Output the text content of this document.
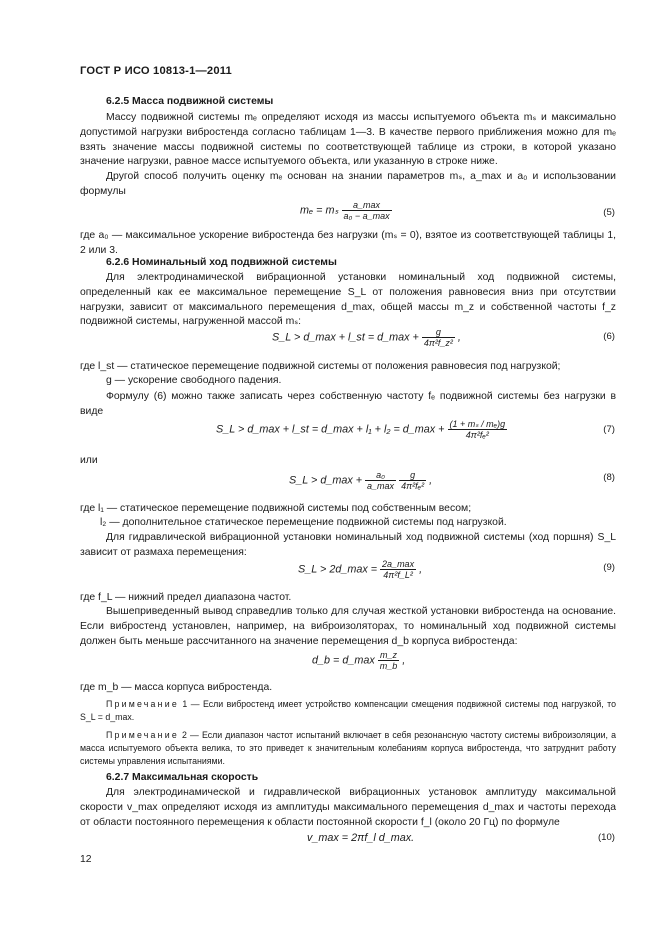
ГОСТ Р ИСО 10813-1—2011
6.2.5 Масса подвижной системы
Массу подвижной системы mₑ определяют исходя из массы испытуемого объекта mₛ и максимально допустимой нагрузки вибростенда согласно таблицам 1—3. В качестве первого приближения можно для mₑ взять значение массы подвижной системы по соответствующей таблице из строки, в которой указано значение нагрузки, равное массе испытуемого объекта, или указанную в строке ниже.
Другой способ получить оценку mₑ основан на знании параметров mₛ, a_max и a₀ и использовании формулы
mₑ = mₛ $\frac{a\_\max}{\text{a₀ − a\_max}}$	(5)
где a₀ — максимальное ускорение вибростенда без нагрузки (mₛ = 0), взятое из соответствующей таблицы 1, 2 или 3.
6.2.6 Номинальный ход подвижной системы
Для электродинамической вибрационной установки номинальный ход подвижной системы, определенный как ее максимальное перемещение S_L от положения равновесия вниз при отсутствии нагрузки, зависит от максимального перемещения d_max, общей массы m_z и собственной частоты f_z подвижной системы, нагруженной массой mₛ:
S_L > d_max + l_st = d_max + $\frac{g}{\text{4π²f\_z²}}$ ,	(6)
где l_st — статическое перемещение подвижной системы от положения равновесия под нагрузкой;
g — ускорение свободного падения.
Формулу (6) можно также записать через собственную частоту fₑ подвижной системы без нагрузки в виде
S_L > d_max + l_st = d_max + l₁ + l₂ = d_max + $\frac{\text{(1 + mₛ / mₑ)g}}{\text{4π²fₑ²}}$	(7)
или
S_L > d_max + $\frac{\text{a₀}}{a\_\max}$
$\frac{g}{\text{4π²fₑ²}}$ ,	(8)
где l₁ — статическое перемещение подвижной системы под собственным весом;
l₂ — дополнительное статическое перемещение подвижной системы под нагрузкой.
Для гидравлической вибрационной установки номинальный ход подвижной системы (ход поршня) S_L зависит от размаха перемещения:
S_L > 2d_max = $\frac{2a\_\max}{\text{4π²f\_L²}}$ ,	(9)
где f_L — нижний предел диапазона частот.
Вышеприведенный вывод справедлив только для случая жесткой установки вибростенда на основание. Если вибростенд установлен, например, на виброизоляторах, то номинальный ход подвижной системы должен быть меньше рассчитанного на значение перемещения d_b корпуса вибростенда:
d_b = d_max $\frac{m\_z}{m\_b}$ ,
где m_b — масса корпуса вибростенда.
Примечание 1 — Если вибростенд имеет устройство компенсации смещения подвижной системы под нагрузкой, то S_L = d_max.
Примечание 2 — Если диапазон частот испытаний включает в себя резонансную частоту системы виброизоляции, а масса испытуемого объекта велика, то это приведет к значительным колебаниям корпуса вибростенда, что затруднит работу системы управления испытаниями.
6.2.7 Максимальная скорость
Для электродинамической и гидравлической вибрационных установок амплитуду максимальной скорости v_max определяют исходя из амплитуды максимального перемещения d_max и частоты перехода от области постоянного перемещения к области постоянной скорости f_l (около 20 Гц) по формуле
v_max = 2πf_l d_max.	(10)
12
